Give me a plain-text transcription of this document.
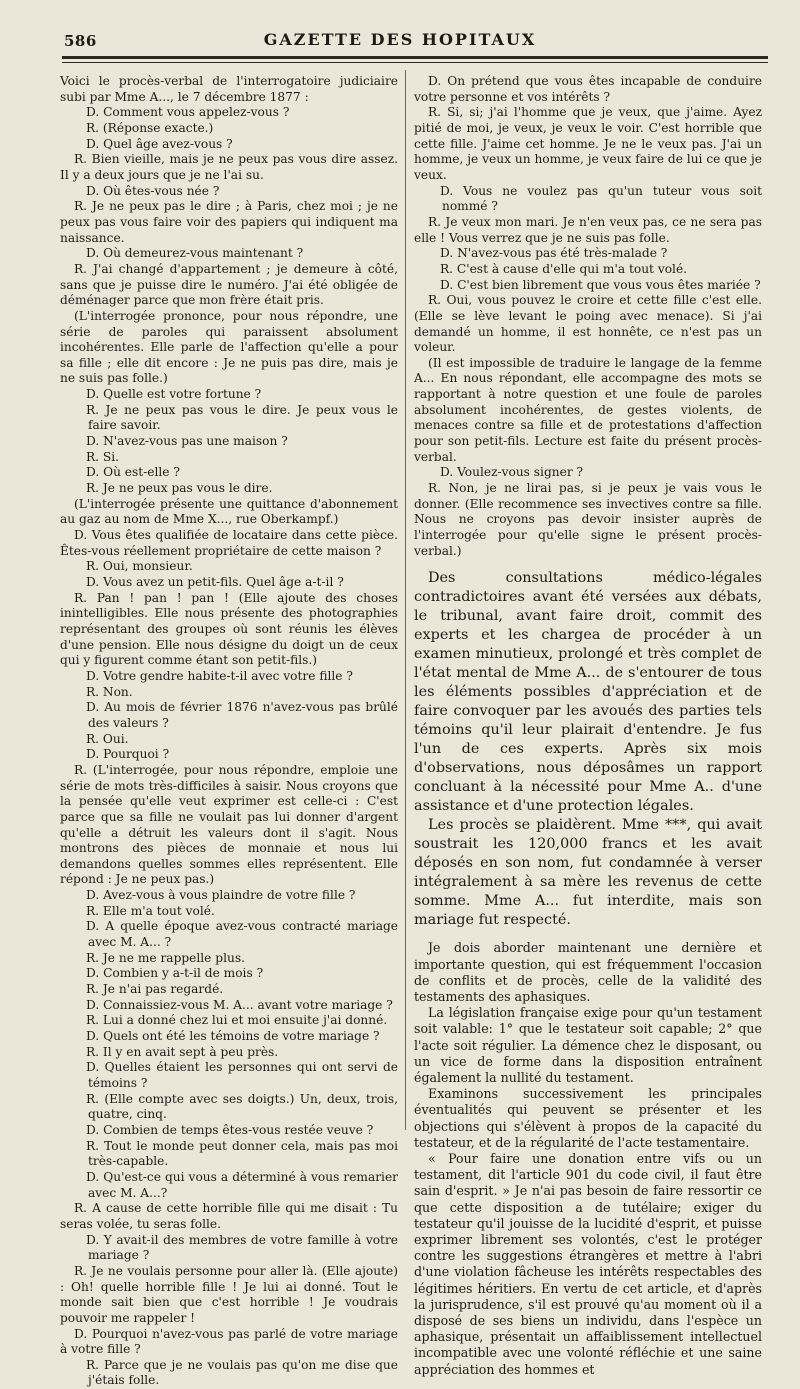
586	GAZETTE DES HOPITAUX

Voici le procès-verbal de l'interrogatoire judiciaire subi par Mme A..., le 7 décembre 1877 :

D. Comment vous appelez-vous ?

R. (Réponse exacte.)

D. Quel âge avez-vous ?

R. Bien vieille, mais je ne peux pas vous dire assez. Il y a deux jours que je ne l'ai su.

D. Où êtes-vous née ?

R. Je ne peux pas le dire ; à Paris, chez moi ; je ne peux pas vous faire voir des papiers qui indiquent ma naissance.

D. Où demeurez-vous maintenant ?

R. J'ai changé d'appartement ; je demeure à côté, sans que je puisse dire le numéro. J'ai été obligée de déménager parce que mon frère était pris.

(L'interrogée prononce, pour nous répondre, une série de paroles qui paraissent absolument incohérentes. Elle parle de l'affection qu'elle a pour sa fille ; elle dit encore : Je ne puis pas dire, mais je ne suis pas folle.)

D. Quelle est votre fortune ?

R. Je ne peux pas vous le dire. Je peux vous le faire savoir.

D. N'avez-vous pas une maison ?

R. Si.

D. Où est-elle ?

R. Je ne peux pas vous le dire.

(L'interrogée présente une quittance d'abonnement au gaz au nom de Mme X..., rue Oberkampf.)

D. Vous êtes qualifiée de locataire dans cette pièce. Êtes-vous réellement propriétaire de cette maison ?

R. Oui, monsieur.

D. Vous avez un petit-fils. Quel âge a-t-il ?

R. Pan ! pan ! pan ! (Elle ajoute des choses inintelligibles. Elle nous présente des photographies représentant des groupes où sont réunis les élèves d'une pension. Elle nous désigne du doigt un de ceux qui y figurent comme étant son petit-fils.)

D. Votre gendre habite-t-il avec votre fille ?

R. Non.

D. Au mois de février 1876 n'avez-vous pas brûlé des valeurs ?

R. Oui.

D. Pourquoi ?

R. (L'interrogée, pour nous répondre, emploie une série de mots très-difficiles à saisir. Nous croyons que la pensée qu'elle veut exprimer est celle-ci : C'est parce que sa fille ne voulait pas lui donner d'argent qu'elle a détruit les valeurs dont il s'agit. Nous montrons des pièces de monnaie et nous lui demandons quelles sommes elles représentent. Elle répond : Je ne peux pas.)

D. Avez-vous à vous plaindre de votre fille ?

R. Elle m'a tout volé.

D. A quelle époque avez-vous contracté mariage avec M. A... ?

R. Je ne me rappelle plus.

D. Combien y a-t-il de mois ?

R. Je n'ai pas regardé.

D. Connaissiez-vous M. A... avant votre mariage ?

R. Lui a donné chez lui et moi ensuite j'ai donné.

D. Quels ont été les témoins de votre mariage ?

R. Il y en avait sept à peu près.

D. Quelles étaient les personnes qui ont servi de témoins ?

R. (Elle compte avec ses doigts.) Un, deux, trois, quatre, cinq.

D. Combien de temps êtes-vous restée veuve ?

R. Tout le monde peut donner cela, mais pas moi très-capable.

D. Qu'est-ce qui vous a déterminé à vous remarier avec M. A...?

R. A cause de cette horrible fille qui me disait : Tu seras volée, tu seras folle.

D. Y avait-il des membres de votre famille à votre mariage ?

R. Je ne voulais personne pour aller là. (Elle ajoute) : Oh! quelle horrible fille ! Je lui ai donné. Tout le monde sait bien que c'est horrible ! Je voudrais pouvoir me rappeler !

D. Pourquoi n'avez-vous pas parlé de votre mariage à votre fille ?

R. Parce que je ne voulais pas qu'on me dise que j'étais folle.

D. On prétend que vous êtes incapable de conduire votre personne et vos intérêts ?

R. Si, si; j'ai l'homme que je veux, que j'aime. Ayez pitié de moi, je veux, je veux le voir. C'est horrible que cette fille. J'aime cet homme. Je ne le veux pas. J'ai un homme, je veux un homme, je veux faire de lui ce que je veux.

D. Vous ne voulez pas qu'un tuteur vous soit nommé ?

R. Je veux mon mari. Je n'en veux pas, ce ne sera pas elle ! Vous verrez que je ne suis pas folle.

D. N'avez-vous pas été très-malade ?

R. C'est à cause d'elle qui m'a tout volé.

D. C'est bien librement que vous vous êtes mariée ?

R. Oui, vous pouvez le croire et cette fille c'est elle. (Elle se lève levant le poing avec menace). Si j'ai demandé un homme, il est honnête, ce n'est pas un voleur.

(Il est impossible de traduire le langage de la femme A... En nous répondant, elle accompagne des mots se rapportant à notre question et une foule de paroles absolument incohérentes, de gestes violents, de menaces contre sa fille et de protestations d'affection pour son petit-fils. Lecture est faite du présent procès-verbal.

D. Voulez-vous signer ?

R. Non, je ne lirai pas, si je peux je vais vous le donner. (Elle recommence ses invectives contre sa fille. Nous ne croyons pas devoir insister auprès de l'interrogée pour qu'elle signe le présent procès-verbal.)

Des consultations médico-légales contradictoires avant été versées aux débats, le tribunal, avant faire droit, commit des experts et les chargea de procéder à un examen minutieux, prolongé et très complet de l'état mental de Mme A... de s'entourer de tous les éléments possibles d'appréciation et de faire convoquer par les avoués des parties tels témoins qu'il leur plairait d'entendre. Je fus l'un de ces experts. Après six mois d'observations, nous déposâmes un rapport concluant à la nécessité pour Mme A.. d'une assistance et d'une protection légales.

Les procès se plaidèrent. Mme ***, qui avait soustrait les 120,000 francs et les avait déposés en son nom, fut condamnée à verser intégralement à sa mère les revenus de cette somme. Mme A... fut interdite, mais son mariage fut respecté.

Je dois aborder maintenant une dernière et importante question, qui est fréquemment l'occasion de conflits et de procès, celle de la validité des testaments des aphasiques.

La législation française exige pour qu'un testament soit valable: 1° que le testateur soit capable; 2° que l'acte soit régulier. La démence chez le disposant, ou un vice de forme dans la disposition entraînent également la nullité du testament.

Examinons successivement les principales éventualités qui peuvent se présenter et les objections qui s'élèvent à propos de la capacité du testateur, et de la régularité de l'acte testamentaire.

« Pour faire une donation entre vifs ou un testament, dit l'article 901 du code civil, il faut être sain d'esprit. » Je n'ai pas besoin de faire ressortir ce que cette disposition a de tutélaire; exiger du testateur qu'il jouisse de la lucidité d'esprit, et puisse exprimer librement ses volontés, c'est le protéger contre les suggestions étrangères et mettre à l'abri d'une violation fâcheuse les intérêts respectables des légitimes héritiers. En vertu de cet article, et d'après la jurisprudence, s'il est prouvé qu'au moment où il a disposé de ses biens un individu, dans l'espèce un aphasique, présentait un affaiblissement intellectuel incompatible avec une volonté réfléchie et une saine appréciation des hommes et
